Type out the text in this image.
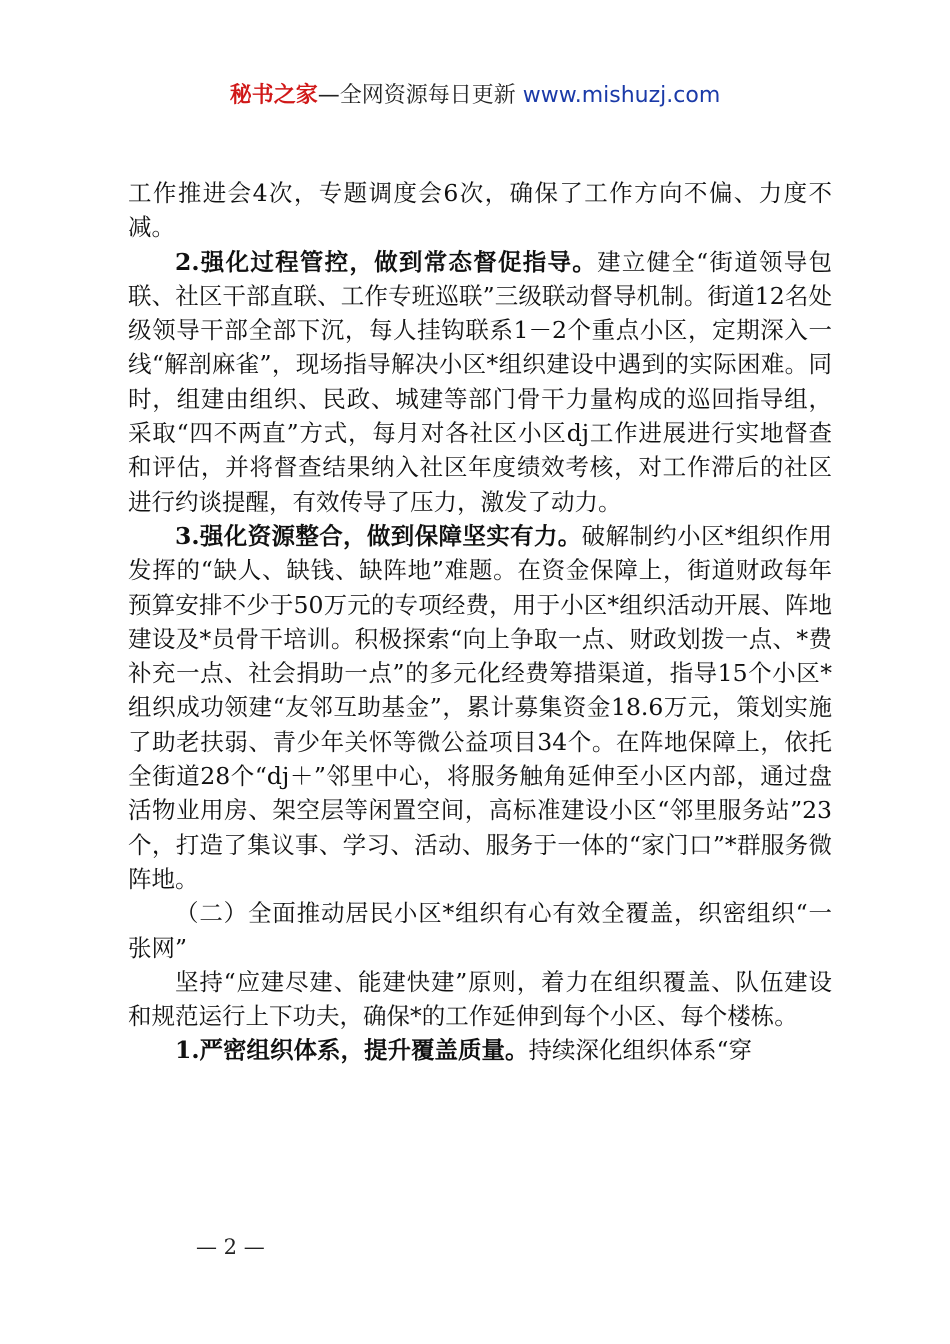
秘书之家—全网资源每日更新 www.mishuzj.com

工作推进会4次，专题调度会6次，确保了工作方向不偏、力度不减。

2.强化过程管控，做到常态督促指导。建立健全“街道领导包联、社区干部直联、工作专班巡联”三级联动督导机制。街道12名处级领导干部全部下沉，每人挂钩联系1－2个重点小区，定期深入一线“解剖麻雀”，现场指导解决小区*组织建设中遇到的实际困难。同时，组建由组织、民政、城建等部门骨干力量构成的巡回指导组，采取“四不两直”方式，每月对各社区小区dj工作进展进行实地督查和评估，并将督查结果纳入社区年度绩效考核，对工作滞后的社区进行约谈提醒，有效传导了压力，激发了动力。

3.强化资源整合，做到保障坚实有力。破解制约小区*组织作用发挥的“缺人、缺钱、缺阵地”难题。在资金保障上，街道财政每年预算安排不少于50万元的专项经费，用于小区*组织活动开展、阵地建设及*员骨干培训。积极探索“向上争取一点、财政划拨一点、*费补充一点、社会捐助一点”的多元化经费筹措渠道，指导15个小区*组织成功领建“友邻互助基金”，累计募集资金18.6万元，策划实施了助老扶弱、青少年关怀等微公益项目34个。在阵地保障上，依托全街道28个“dj＋”邻里中心，将服务触角延伸至小区内部，通过盘活物业用房、架空层等闲置空间，高标准建设小区“邻里服务站”23个，打造了集议事、学习、活动、服务于一体的“家门口”*群服务微阵地。

（二）全面推动居民小区*组织有心有效全覆盖，织密组织“一张网”

坚持“应建尽建、能建快建”原则，着力在组织覆盖、队伍建设和规范运行上下功夫，确保*的工作延伸到每个小区、每个楼栋。

1.严密组织体系，提升覆盖质量。持续深化组织体系“穿

— 2 —
